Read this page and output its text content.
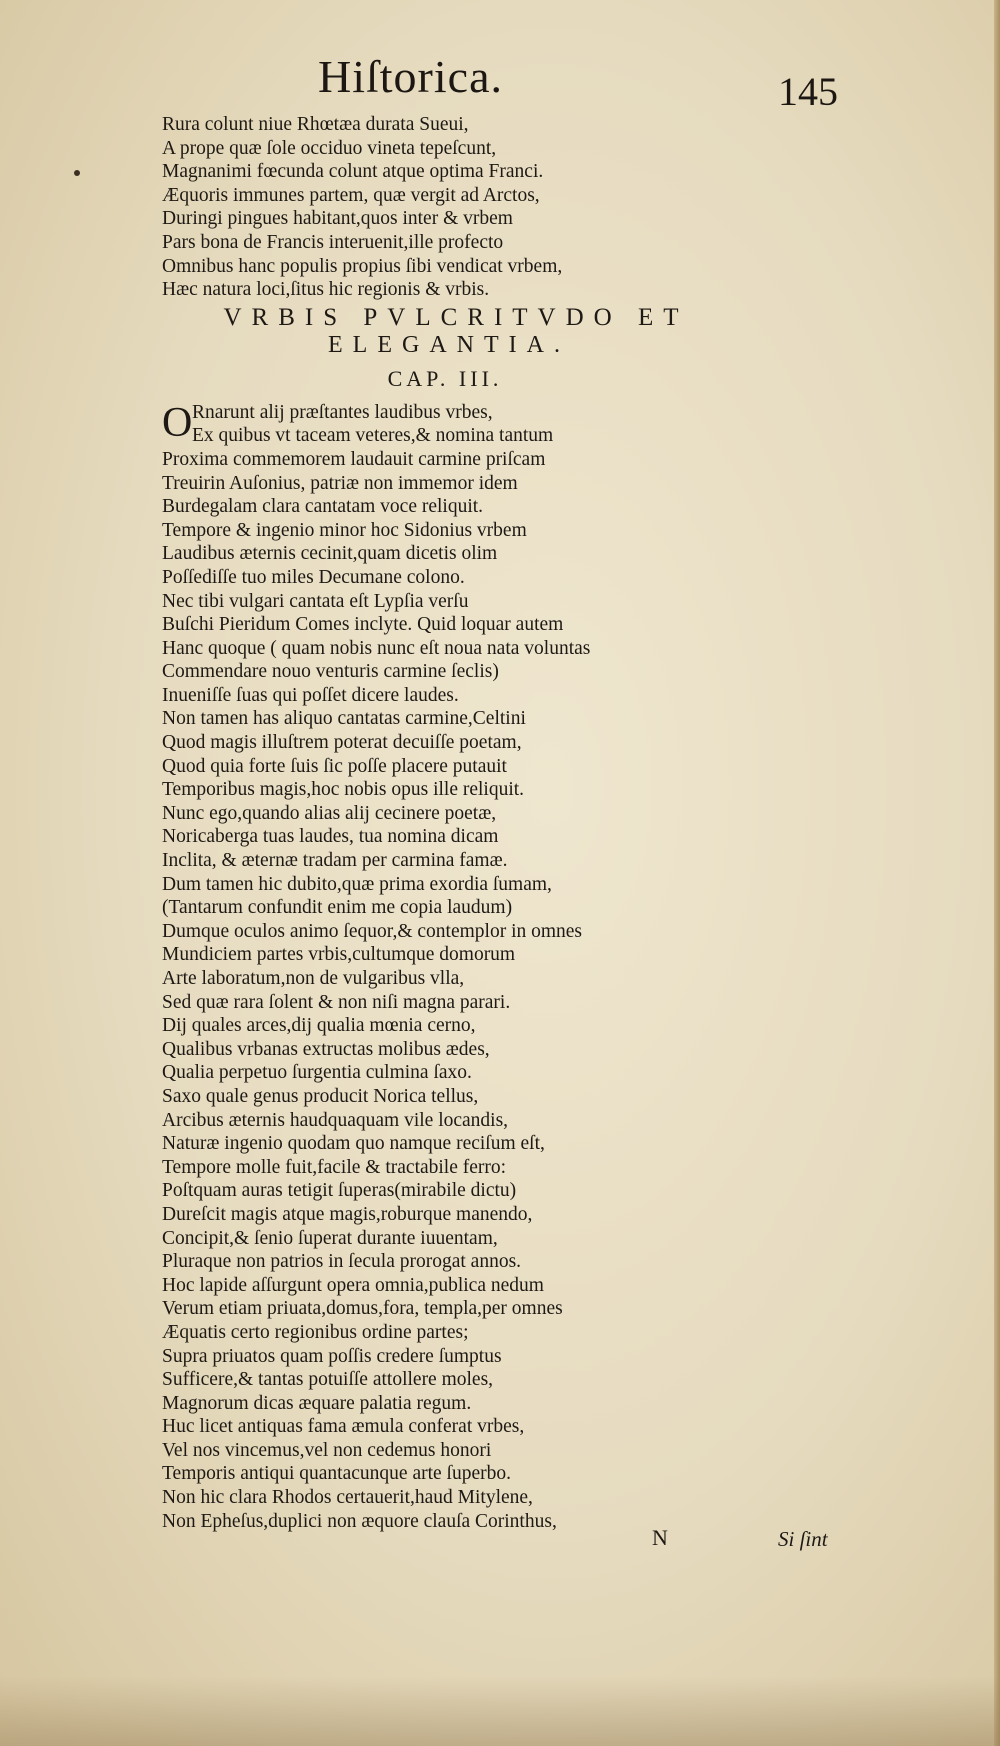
Hiſtorica.	145
Rura colunt niue Rhœtæa durata Sueui,
A prope quæ ſole occiduo vineta tepeſcunt,
Magnanimi fœcunda colunt atque optima Franci.
Æquoris immunes partem, quæ vergit ad Arctos,
Duringi pingues habitant,quos inter & vrbem
Pars bona de Francis interuenit,ille profecto
Omnibus hanc populis propius ſibi vendicat vrbem,
Hæc natura loci,ſitus hic regionis & vrbis.
VRBIS PVLCRITVDO ET
ELEGANTIA.
CAP. III.
O Rnarunt alij præſtantes laudibus vrbes,
Ex quibus vt taceam veteres,& nomina tantum
Proxima commemorem laudauit carmine priſcam
Treuirin Auſonius, patriæ non immemor idem
Burdegalam clara cantatam voce reliquit.
Tempore & ingenio minor hoc Sidonius vrbem
Laudibus æternis cecinit,quam dicetis olim
Poſſediſſe tuo miles Decumane colono.
Nec tibi vulgari cantata eſt Lypſia verſu
Buſchi Pieridum Comes inclyte. Quid loquar autem
Hanc quoque ( quam nobis nunc eſt noua nata voluntas
Commendare nouo venturis carmine ſeclis)
Inueniſſe ſuas qui poſſet dicere laudes.
Non tamen has aliquo cantatas carmine,Celtini
Quod magis illuſtrem poterat decuiſſe poetam,
Quod quia forte ſuis ſic poſſe placere putauit
Temporibus magis,hoc nobis opus ille reliquit.
Nunc ego,quando alias alij cecinere poetæ,
Noricaberga tuas laudes, tua nomina dicam
Inclita, & æternæ tradam per carmina famæ.
Dum tamen hic dubito,quæ prima exordia ſumam,
(Tantarum confundit enim me copia laudum)
Dumque oculos animo ſequor,& contemplor in omnes
Mundiciem partes vrbis,cultumque domorum
Arte laboratum,non de vulgaribus vlla,
Sed quæ rara ſolent & non niſi magna parari.
Dij quales arces,dij qualia mœnia cerno,
Qualibus vrbanas extructas molibus ædes,
Qualia perpetuo ſurgentia culmina ſaxo.
Saxo quale genus producit Norica tellus,
Arcibus æternis haudquaquam vile locandis,
Naturæ ingenio quodam quo namque reciſum eſt,
Tempore molle fuit,facile & tractabile ferro:
Poſtquam auras tetigit ſuperas(mirabile dictu)
Dureſcit magis atque magis,roburque manendo,
Concipit,& ſenio ſuperat durante iuuentam,
Pluraque non patrios in ſecula prorogat annos.
Hoc lapide aſſurgunt opera omnia,publica nedum
Verum etiam priuata,domus,fora, templa,per omnes
Æquatis certo regionibus ordine partes;
Supra priuatos quam poſſis credere ſumptus
Sufficere,& tantas potuiſſe attollere moles,
Magnorum dicas æquare palatia regum.
Huc licet antiquas fama æmula conferat vrbes,
Vel nos vincemus,vel non cedemus honori
Temporis antiqui quantacunque arte ſuperbo.
Non hic clara Rhodos certauerit,haud Mitylene,
Non Epheſus,duplici non æquore clauſa Corinthus,
N	Si ſint
